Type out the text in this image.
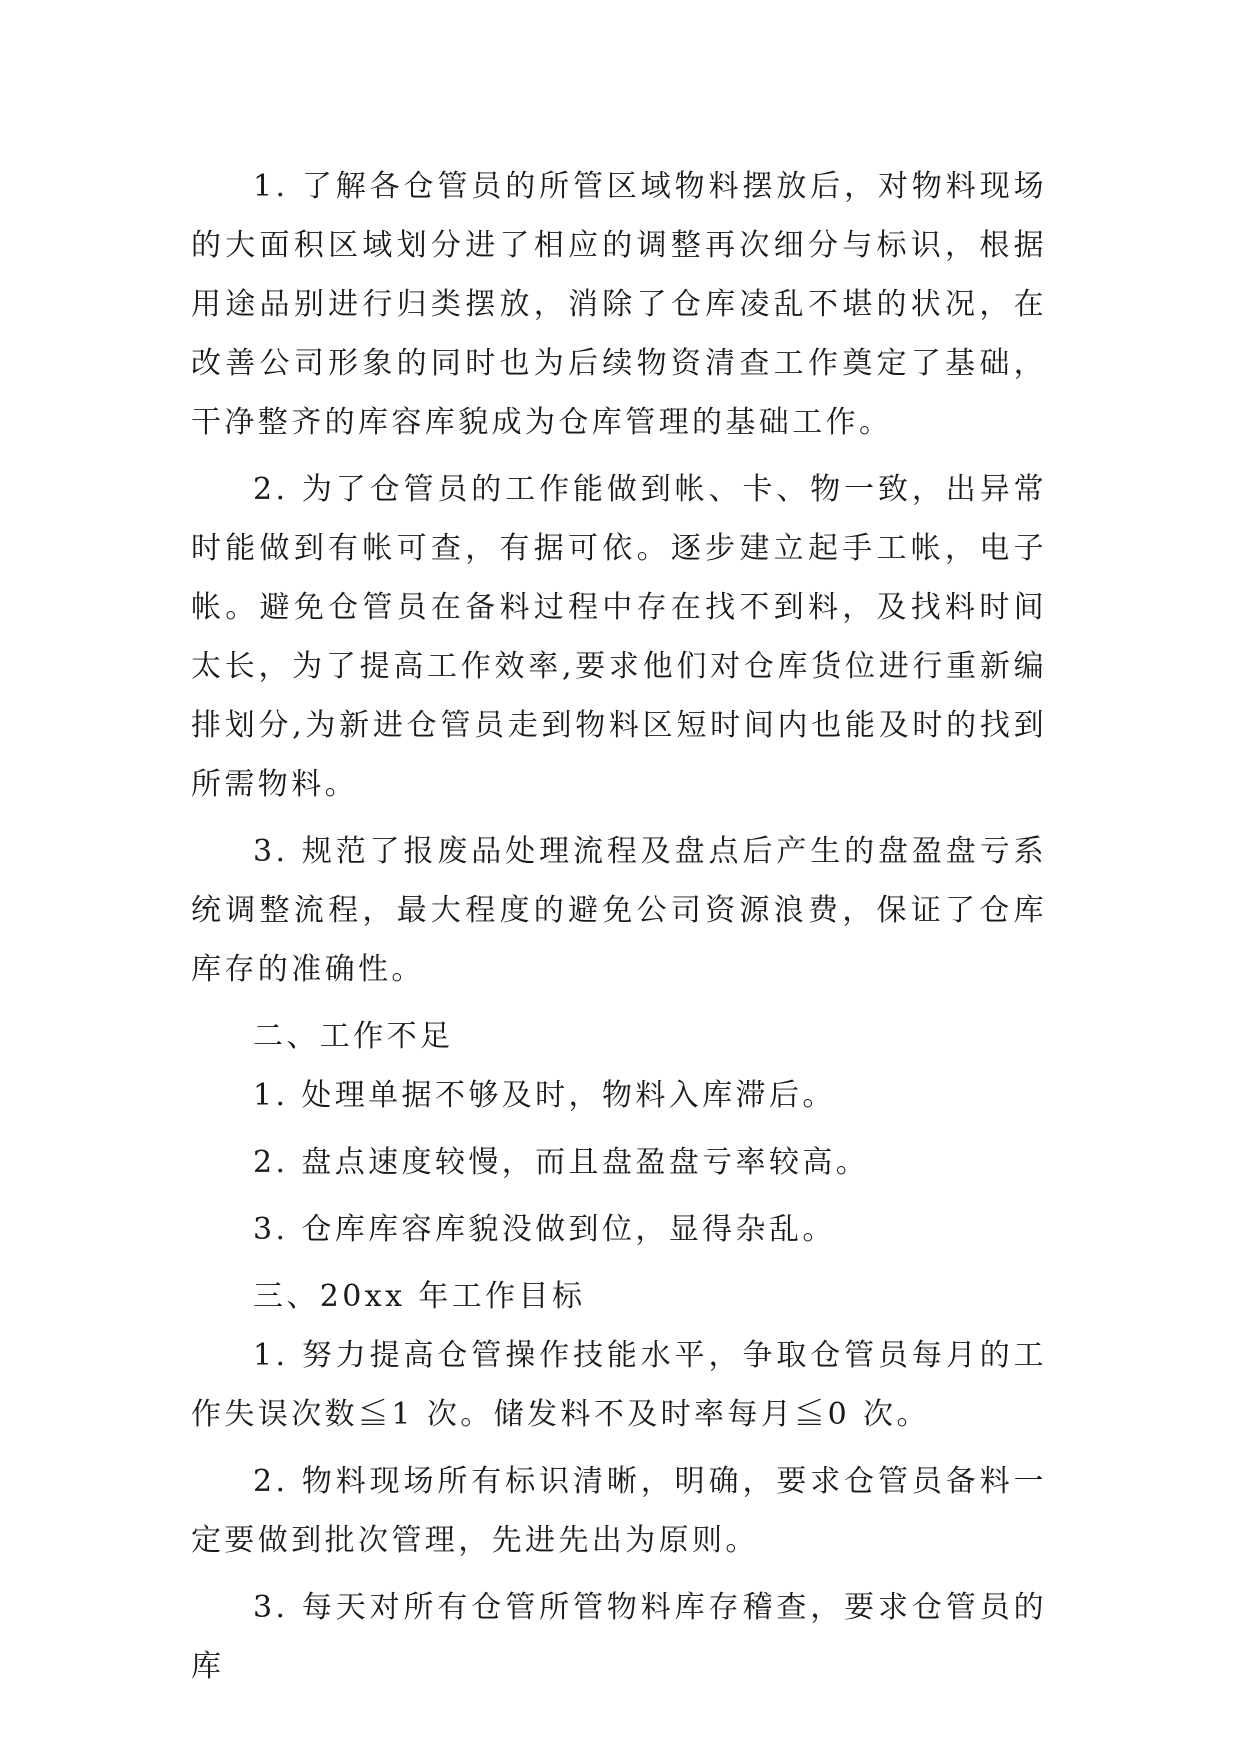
1. 了解各仓管员的所管区域物料摆放后，对物料现场的大面积区域划分进了相应的调整再次细分与标识，根据用途品别进行归类摆放，消除了仓库凌乱不堪的状况，在改善公司形象的同时也为后续物资清查工作奠定了基础，干净整齐的库容库貌成为仓库管理的基础工作。

2. 为了仓管员的工作能做到帐、卡、物一致，出异常时能做到有帐可查，有据可依。逐步建立起手工帐，电子帐。避免仓管员在备料过程中存在找不到料，及找料时间太长，为了提高工作效率,要求他们对仓库货位进行重新编排划分,为新进仓管员走到物料区短时间内也能及时的找到所需物料。

3. 规范了报废品处理流程及盘点后产生的盘盈盘亏系统调整流程，最大程度的避免公司资源浪费，保证了仓库库存的准确性。

二、工作不足

1. 处理单据不够及时，物料入库滞后。

2. 盘点速度较慢，而且盘盈盘亏率较高。

3. 仓库库容库貌没做到位，显得杂乱。

三、20xx 年工作目标

1. 努力提高仓管操作技能水平，争取仓管员每月的工作失误次数≦1 次。储发料不及时率每月≦0 次。

2. 物料现场所有标识清晰，明确，要求仓管员备料一定要做到批次管理，先进先出为原则。

3. 每天对所有仓管所管物料库存稽查，要求仓管员的库
